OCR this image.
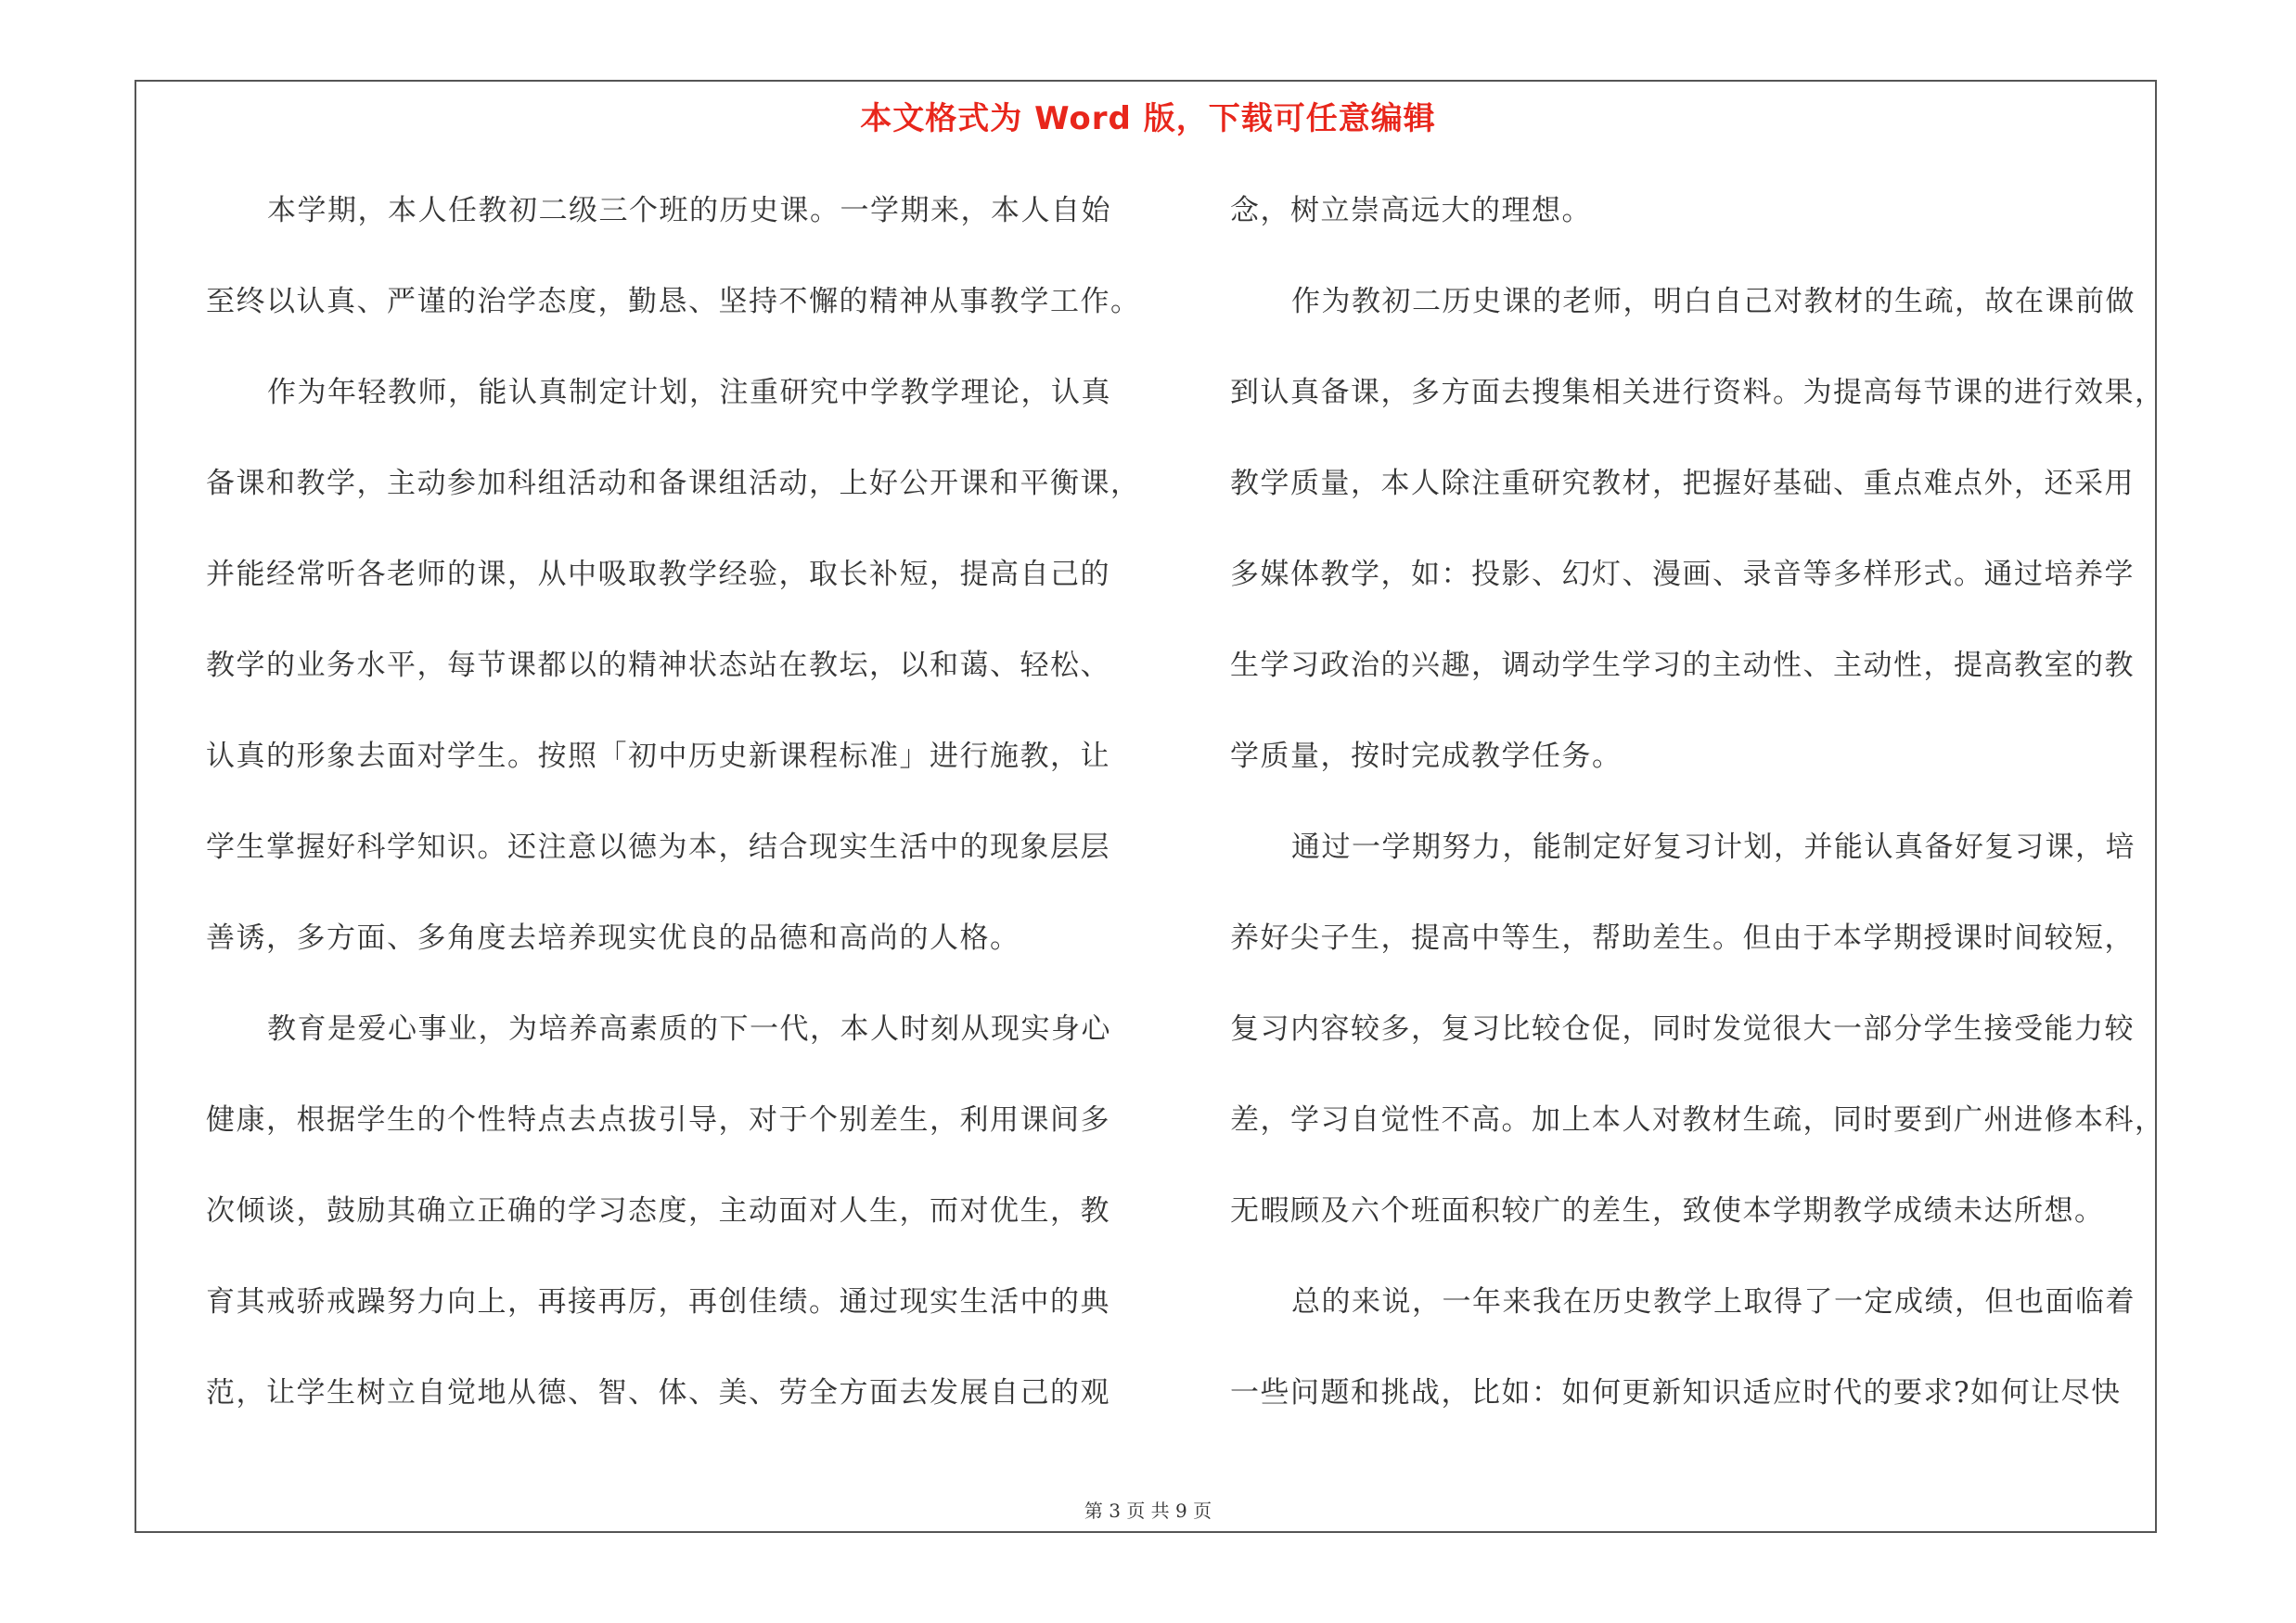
本文格式为 Word 版，下载可任意编辑
本学期，本人任教初二级三个班的历史课。一学期来，本人自始
至终以认真、严谨的治学态度，勤恳、坚持不懈的精神从事教学工作。
作为年轻教师，能认真制定计划，注重研究中学教学理论，认真
备课和教学，主动参加科组活动和备课组活动，上好公开课和平衡课，
并能经常听各老师的课，从中吸取教学经验，取长补短，提高自己的
教学的业务水平，每节课都以的精神状态站在教坛，以和蔼、轻松、
认真的形象去面对学生。按照「初中历史新课程标准」进行施教，让
学生掌握好科学知识。还注意以德为本，结合现实生活中的现象层层
善诱，多方面、多角度去培养现实优良的品德和高尚的人格。
教育是爱心事业，为培养高素质的下一代，本人时刻从现实身心
健康，根据学生的个性特点去点拔引导，对于个别差生，利用课间多
次倾谈，鼓励其确立正确的学习态度，主动面对人生，而对优生，教
育其戒骄戒躁努力向上，再接再厉，再创佳绩。通过现实生活中的典
范，让学生树立自觉地从德、智、体、美、劳全方面去发展自己的观
念，树立崇高远大的理想。
作为教初二历史课的老师，明白自己对教材的生疏，故在课前做
到认真备课，多方面去搜集相关进行资料。为提高每节课的进行效果，
教学质量，本人除注重研究教材，把握好基础、重点难点外，还采用
多媒体教学，如：投影、幻灯、漫画、录音等多样形式。通过培养学
生学习政治的兴趣，调动学生学习的主动性、主动性，提高教室的教
学质量，按时完成教学任务。
通过一学期努力，能制定好复习计划，并能认真备好复习课，培
养好尖子生，提高中等生，帮助差生。但由于本学期授课时间较短，
复习内容较多，复习比较仓促，同时发觉很大一部分学生接受能力较
差，学习自觉性不高。加上本人对教材生疏，同时要到广州进修本科，
无暇顾及六个班面积较广的差生，致使本学期教学成绩未达所想。
总的来说，一年来我在历史教学上取得了一定成绩，但也面临着
一些问题和挑战，比如：如何更新知识适应时代的要求?如何让尽快
第 3 页 共 9 页
